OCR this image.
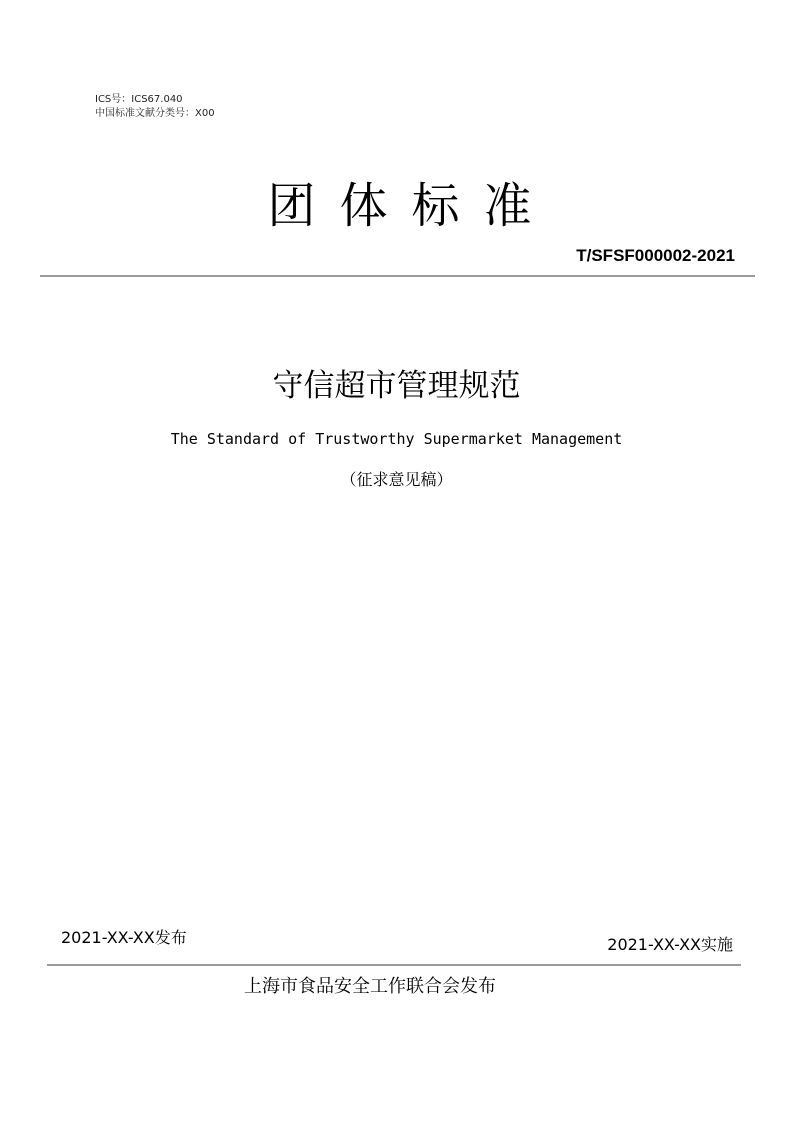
ICS号：ICS67.040
中国标准文献分类号：X00
团体标准
T/SFSF000002-2021
守信超市管理规范
The Standard of Trustworthy Supermarket Management
（征求意见稿）
2021-XX-XX发布	2021-XX-XX实施
上海市食品安全工作联合会发布
